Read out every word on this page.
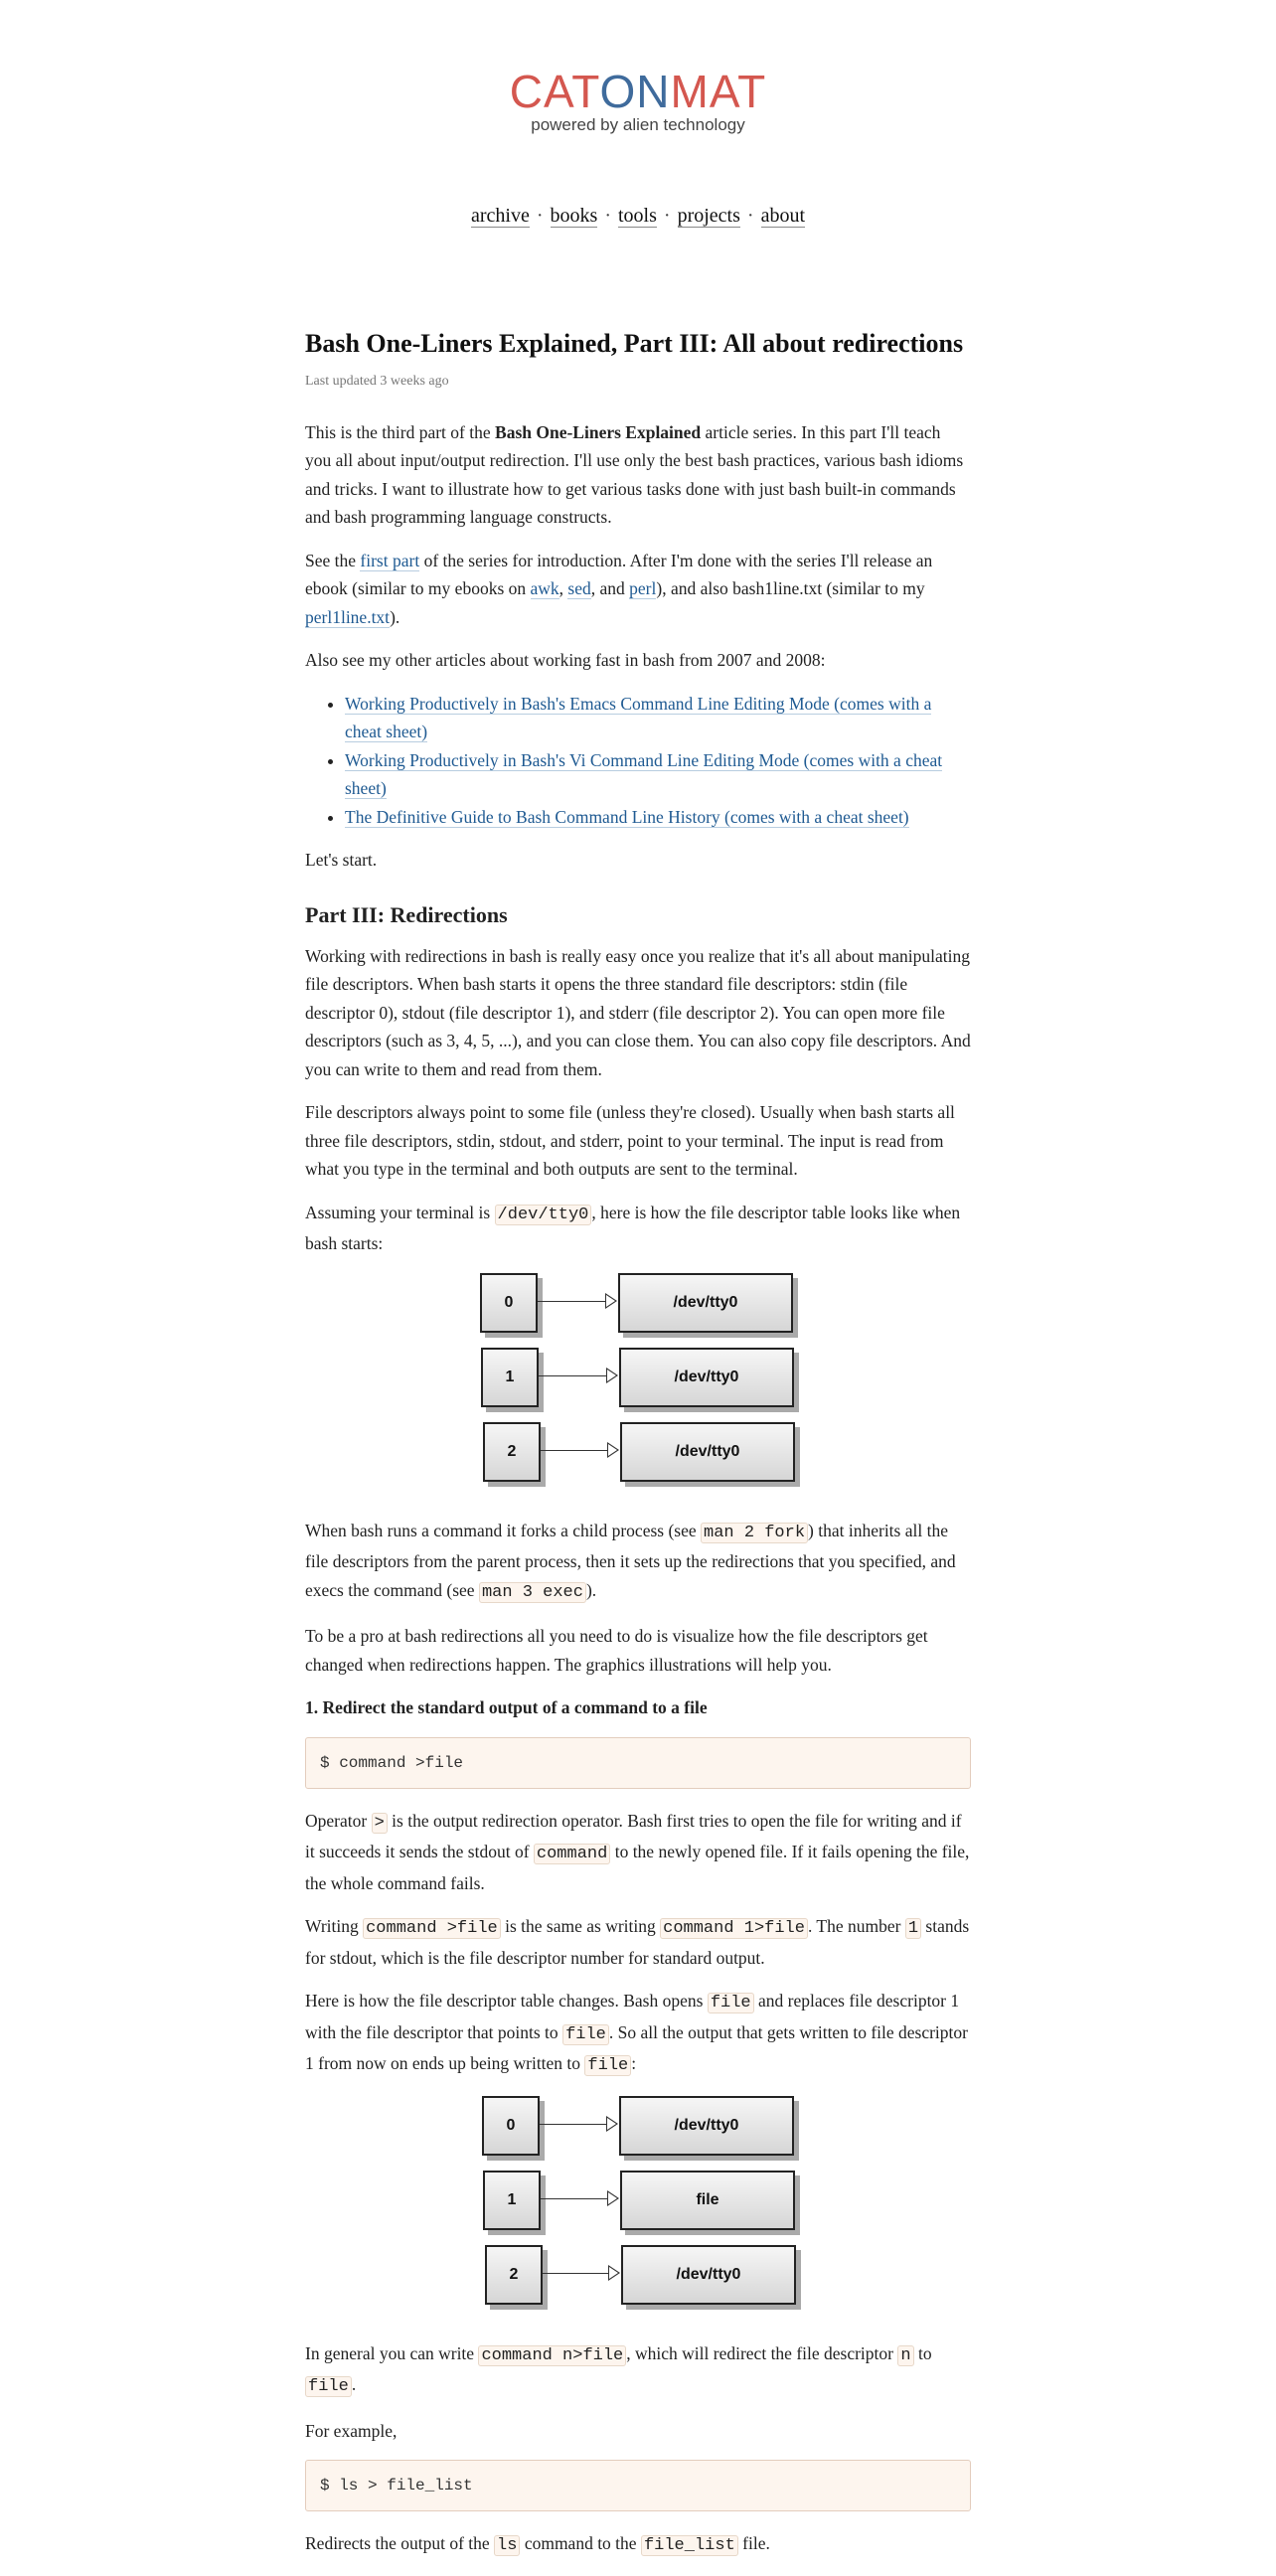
CATONMAT
powered by alien technology
archive · books · tools · projects · about
Bash One-Liners Explained, Part III: All about redirections
Last updated 3 weeks ago

This is the third part of the Bash One-Liners Explained article series. In this part I'll teach you all about input/output redirection. I'll use only the best bash practices, various bash idioms and tricks. I want to illustrate how to get various tasks done with just bash built-in commands and bash programming language constructs.

See the first part of the series for introduction. After I'm done with the series I'll release an ebook (similar to my ebooks on awk, sed, and perl), and also bash1line.txt (similar to my perl1line.txt).

Also see my other articles about working fast in bash from 2007 and 2008:

• Working Productively in Bash's Emacs Command Line Editing Mode (comes with a cheat sheet)
• Working Productively in Bash's Vi Command Line Editing Mode (comes with a cheat sheet)
• The Definitive Guide to Bash Command Line History (comes with a cheat sheet)

Let's start.

Part III: Redirections

Working with redirections in bash is really easy once you realize that it's all about manipulating file descriptors. When bash starts it opens the three standard file descriptors: stdin (file descriptor 0), stdout (file descriptor 1), and stderr (file descriptor 2). You can open more file descriptors (such as 3, 4, 5, ...), and you can close them. You can also copy file descriptors. And you can write to them and read from them.

File descriptors always point to some file (unless they're closed). Usually when bash starts all three file descriptors, stdin, stdout, and stderr, point to your terminal. The input is read from what you type in the terminal and both outputs are sent to the terminal.

Assuming your terminal is /dev/tty0 , here is how the file descriptor table looks like when bash starts:

0	/dev/tty0
1	/dev/tty0
2	/dev/tty0

When bash runs a command it forks a child process (see man 2 fork ) that inherits all the file descriptors from the parent process, then it sets up the redirections that you specified, and execs the command (see man 3 exec ).

To be a pro at bash redirections all you need to do is visualize how the file descriptors get changed when redirections happen. The graphics illustrations will help you.

1. Redirect the standard output of a command to a file
$ command >file

Operator > is the output redirection operator. Bash first tries to open the file for writing and if it succeeds it sends the stdout of command to the newly opened file. If it fails opening the file, the whole command fails.

Writing command >file is the same as writing command 1>file . The number 1 stands for stdout, which is the file descriptor number for standard output.

Here is how the file descriptor table changes. Bash opens file and replaces file descriptor 1 with the file descriptor that points to file . So all the output that gets written to file descriptor 1 from now on ends up being written to file :

0	/dev/tty0
1	file
2	/dev/tty0

In general you can write command n>file , which will redirect the file descriptor n to file .

For example,

$ ls > file_list

Redirects the output of the ls command to the file_list file.
